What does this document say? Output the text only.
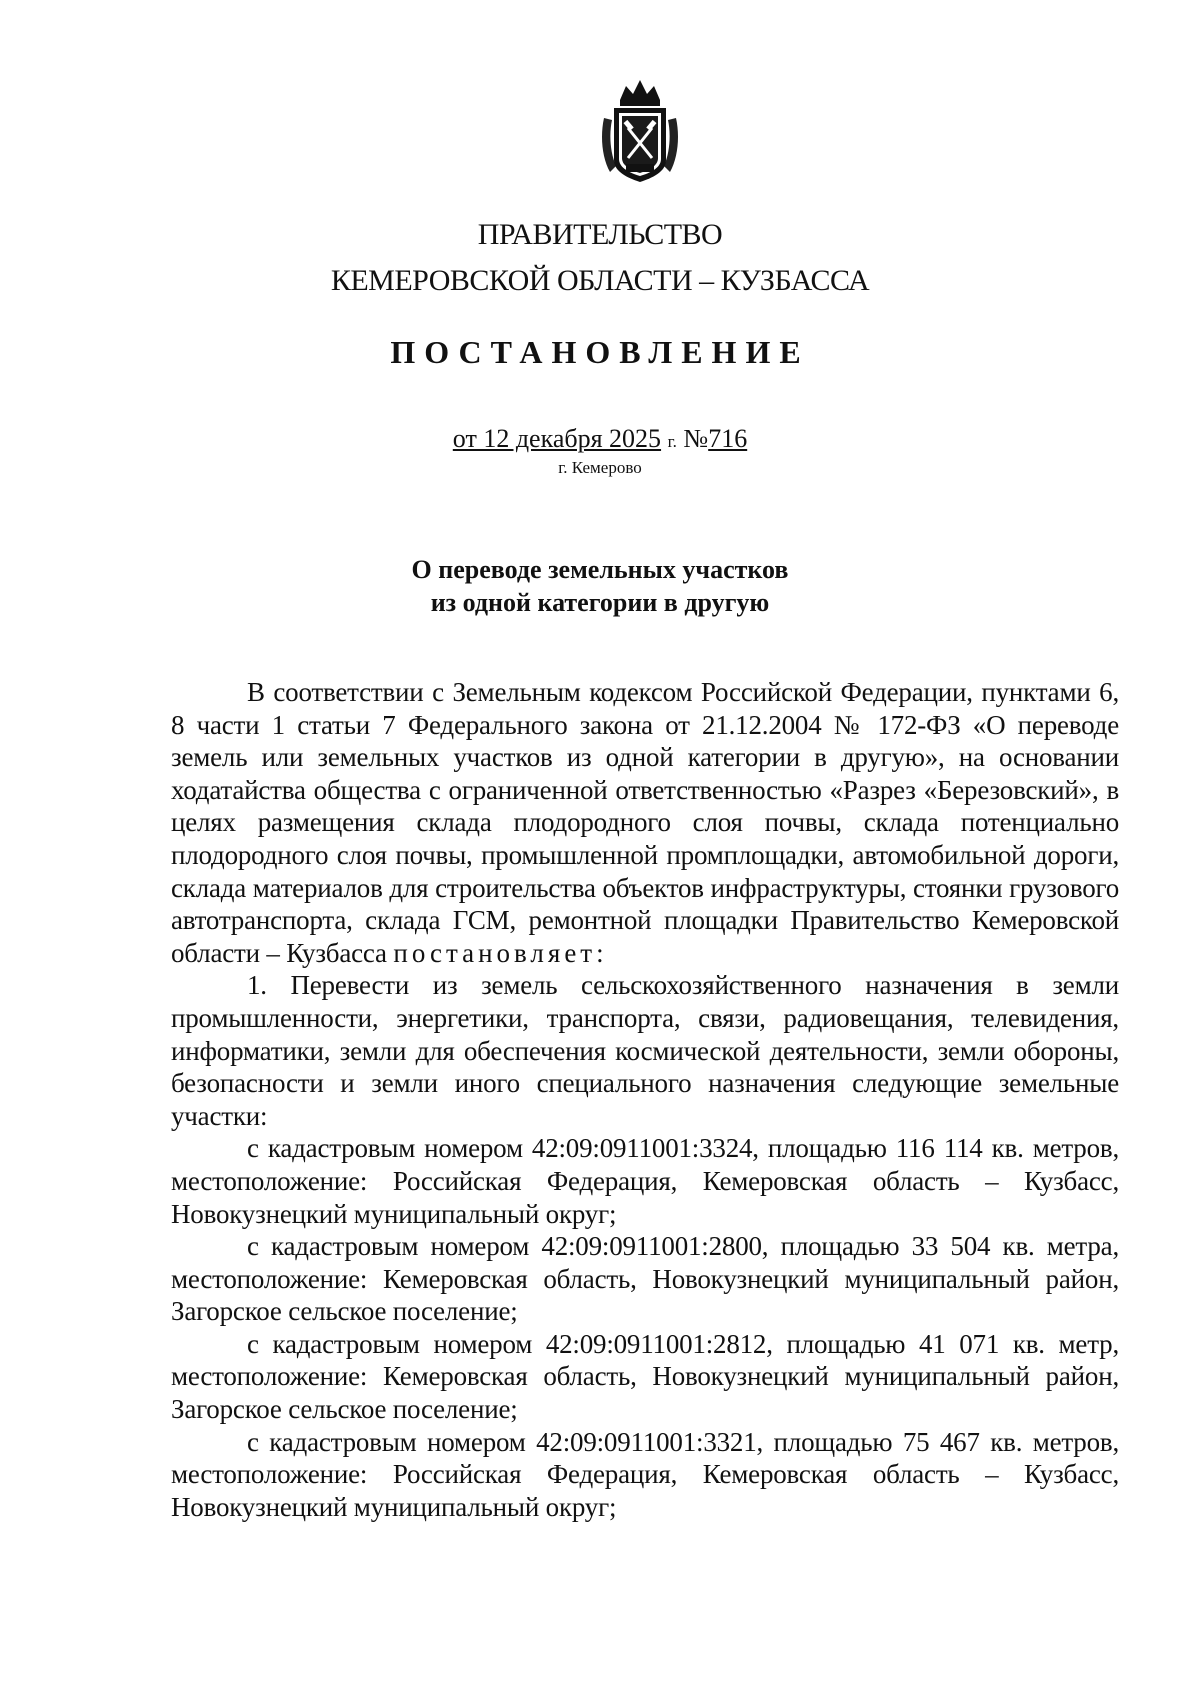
ПРАВИТЕЛЬСТВО
КЕМЕРОВСКОЙ ОБЛАСТИ – КУЗБАССА
ПОСТАНОВЛЕНИЕ
от 12 декабря 2025 г. №716
г. Кемерово
О переводе земельных участков
из одной категории в другую

В соответствии с Земельным кодексом Российской Федерации, пунктами 6, 8 части 1 статьи 7 Федерального закона от 21.12.2004 № 172-ФЗ «О переводе земель или земельных участков из одной категории в другую», на основании ходатайства общества с ограниченной ответственностью «Разрез «Березовский», в целях размещения склада плодородного слоя почвы, склада потенциально плодородного слоя почвы, промышленной промплощадки, автомобильной дороги, склада материалов для строительства объектов инфраструктуры, стоянки грузового автотранспорта, склада ГСМ, ремонтной площадки Правительство Кемеровской области – Кузбасса постановляет:

1. Перевести из земель сельскохозяйственного назначения в земли промышленности, энергетики, транспорта, связи, радиовещания, телевидения, информатики, земли для обеспечения космической деятельности, земли обороны, безопасности и земли иного специального назначения следующие земельные участки:

с кадастровым номером 42:09:0911001:3324, площадью 116 114 кв. метров, местоположение: Российская Федерация, Кемеровская область – Кузбасс, Новокузнецкий муниципальный округ;

с кадастровым номером 42:09:0911001:2800, площадью 33 504 кв. метра, местоположение: Кемеровская область, Новокузнецкий муниципальный район, Загорское сельское поселение;

с кадастровым номером 42:09:0911001:2812, площадью 41 071 кв. метр, местоположение: Кемеровская область, Новокузнецкий муниципальный район, Загорское сельское поселение;

с кадастровым номером 42:09:0911001:3321, площадью 75 467 кв. метров, местоположение: Российская Федерация, Кемеровская область – Кузбасс, Новокузнецкий муниципальный округ;
